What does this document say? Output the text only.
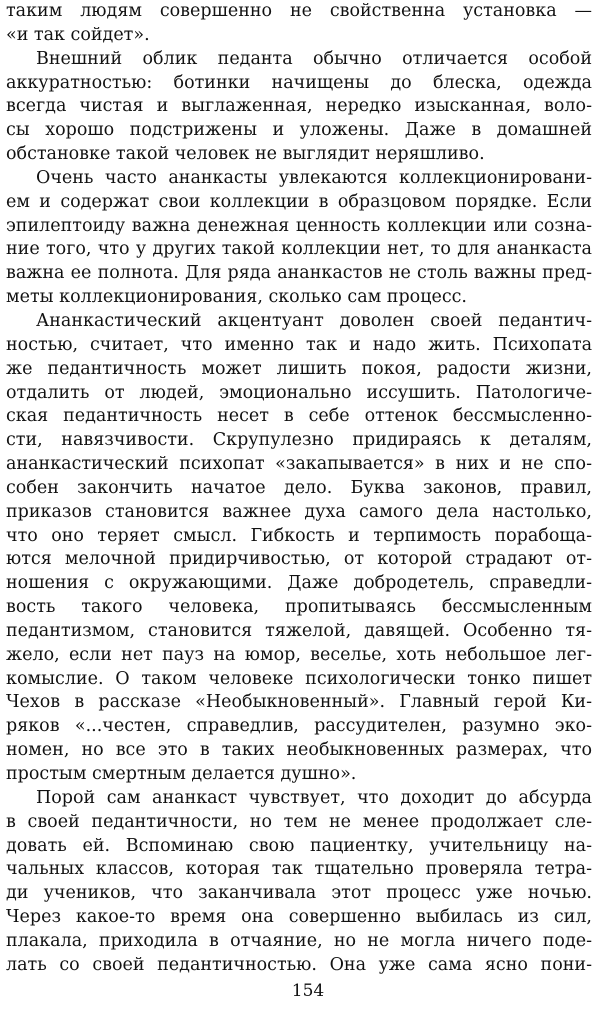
таким людям совершенно не свойственна установка —
«и так сойдет».
Внешний облик педанта обычно отличается особой
аккуратностью: ботинки начищены до блеска, одежда
всегда чистая и выглаженная, нередко изысканная, воло-
сы хорошо подстрижены и уложены. Даже в домашней
обстановке такой человек не выглядит неряшливо.
Очень часто ананкасты увлекаются коллекционировани-
ем и содержат свои коллекции в образцовом порядке. Если
эпилептоиду важна денежная ценность коллекции или созна-
ние того, что у других такой коллекции нет, то для ананкаста
важна ее полнота. Для ряда ананкастов не столь важны пред-
меты коллекционирования, сколько сам процесс.
Ананкастический акцентуант доволен своей педантич-
ностью, считает, что именно так и надо жить. Психопата
же педантичность может лишить покоя, радости жизни,
отдалить от людей, эмоционально иссушить. Патологиче-
ская педантичность несет в себе оттенок бессмысленно-
сти, навязчивости. Скрупулезно придираясь к деталям,
ананкастический психопат «закапывается» в них и не спо-
собен закончить начатое дело. Буква законов, правил,
приказов становится важнее духа самого дела настолько,
что оно теряет смысл. Гибкость и терпимость порабоща-
ются мелочной придирчивостью, от которой страдают от-
ношения с окружающими. Даже добродетель, справедли-
вость такого человека, пропитываясь бессмысленным
педантизмом, становится тяжелой, давящей. Особенно тя-
жело, если нет пауз на юмор, веселье, хоть небольшое лег-
комыслие. О таком человеке психологически тонко пишет
Чехов в рассказе «Необыкновенный». Главный герой Ки-
ряков «...честен, справедлив, рассудителен, разумно эко-
номен, но все это в таких необыкновенных размерах, что
простым смертным делается душно».
Порой сам ананкаст чувствует, что доходит до абсурда
в своей педантичности, но тем не менее продолжает сле-
довать ей. Вспоминаю свою пациентку, учительницу на-
чальных классов, которая так тщательно проверяла тетра-
ди учеников, что заканчивала этот процесс уже ночью.
Через какое-то время она совершенно выбилась из сил,
плакала, приходила в отчаяние, но не могла ничего поде-
лать со своей педантичностью. Она уже сама ясно пони-
154
